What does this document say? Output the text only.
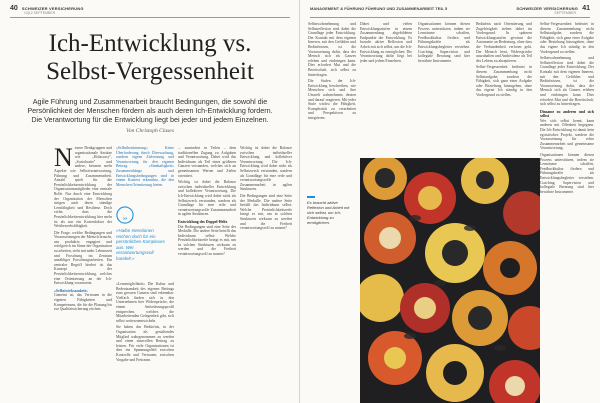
40 SCHWEIZER VERSICHERUNG
12|12 SEPTEMBER
Ich-Entwicklung vs.
Selbst-Vergessenheit
Agile Führung und Zusammenarbeit braucht Bedingungen, die sowohl die Persönlichkeit der Menschen fördern als auch deren Ich-Entwicklung fordern. Die Verantwortung für die Entwicklung liegt bei jeder und jedem Einzelnen.
Von Christoph Clases

Neuere Denkgruppen und organisationale Ansätze wie „Holacracy", „Soziokratie" und andere, betonen mehr Aspekte wie Selbstverantwortung, Führung und Zusammenarbeit. Anzahl spielt für die Persönlichkeitsentwicklung der Organisationsmitglieder eine zentrale Rolle. Nur durch eine Entwicklung der Organisation der Menschen steigen auch deren ständige Lernfähigkeit und Resilienz. Doch vieler, dass die Persönlichkeitsentwicklung hier mehr ist als nur ein Kostenfaktor der Wettbewerbsfähigkeit.

Die Frage, welche Bedingungen und Voraussetzungen der Mensch braucht, um produktiv, engagiert und erfolgreich im Sinne der Organisation zu arbeiten, steht mit mehr Lebenszeit und Forschung im Zentrum unzähliger Forschungsarbeiten. Ein zentraler Begriff hierbei ist das Konzept der Persönlichkeitsentwicklung, welches eine Orientierung an der Ich-Entwicklung voraussetzt.

«Selbstwirksamkeit»
Gemeint ist, das Vertrauen in die eigenen Fähigkeiten und Kompetenzen, die für die Planung bis zur Qualitätssicherung reichen.

„
«Halbe Intentionen reichen doch für ein persönliches Komplexes aus. Wer verantwortungsvoll handelt.»

«Selbstbestimmung» Keine Überforderung durch Überwachung, sondern eigene Zielsetzung und Verantwortung für den eigenen Beitrag. «Sinnhaftigkeit» Zusammenhänge und Entwicklungsbedingungen sind in einem Kontext erkennbar, die den Menschen Orientierung bieten.

«Lernmöglichkeit» Die Kultur und Bedeutsamkeit des eigenen Beitrags zum grossen Ganzen sind erkennbar. Vielfach finden sich in den Unternehmen hier Widersprüche, die einem Anforderungsprofil entsprechen, welches die Mitarbeitenden Gelegenheit gibt, sich selbst weiterzuentwickeln.

Sie haben das Bedürfnis, in der Organisation als gestaltendes Mitglied wahrgenommen zu werden und einen sinnvollen Beitrag zu leisten. Für viele Organisationen ist dies ein Spannungsfeld zwischen Kontrolle und Vertrauen, zwischen Vorgabe und Freiraum.

... zumindest in Teilen – dem traditionellen Zugang zu Aufgaben und Verantwortung. Dabei wird das Individuum als Teil eines größeren Ganzen verstanden, welches sich an gemeinsamen Werten und Zielen orientiert.

Wichtig ist dabei die Balance zwischen individueller Entwicklung und kollektiver Verantwortung. Die Ich-Entwicklung wird dabei nicht als Selbstzweck verstanden, sondern als Grundlage für eine reife und verantwortungsvolle Zusammenarbeit in agilen Strukturen.

Entwicklung des Doppel-Helix
Die Bedingungen sind eine Seite der Medaille. Die andere Seite betrifft das Individuum selbst: Welche Persönlichkeitsreife bringt es mit, um in solchen Strukturen wirksam zu werden und die Freiheit verantwortungsvoll zu nutzen?

Wichtig ist dabei die Balance zwischen individueller Entwicklung und kollektiver Verantwortung. Die Ich-Entwicklung wird dabei nicht als Selbstzweck verstanden, sondern als Grundlage für eine reife und verantwortungsvolle Zusammenarbeit in agilen Strukturen.

Die Bedingungen sind eine Seite der Medaille. Die andere Seite betrifft das Individuum selbst: Welche Persönlichkeitsreife bringt es mit, um in solchen Strukturen wirksam zu werden und die Freiheit verantwortungsvoll zu nutzen?

MANAGEMENT & FÜHRUNG FÜHRUNG UND ZUSAMMENARBEIT TEIL 5	SCHWEIZER VERSICHERUNG 41
SEPTEMBER

Selbstwahrnehmung und Selbstreflexion sind dabei die Grundlage jeder Entwicklung. Der Kontakt mit dem eigenen Inneren, mit den Gefühlen und Bedürfnissen, ist die Voraussetzung dafür, dass der Mensch sich als Ganzes erleben und einbringen kann. Dies erfordert Mut und die Bereitschaft, sich selbst zu hinterfragen.

Die Stufen der Ich-Entwicklung beschreiben, wie Menschen sich und ihre Umwelt wahrnehmen, deuten und darauf reagieren. Mit jeder Stufe wächst die Fähigkeit, Komplexität zu verarbeiten und Perspektiven zu integrieren.

Es braucht aktive Reflexion und Arbeit mit sich selbst, um Ich-Entwicklung zu ermöglichen.

Dabei und vielen Entwicklungsstufen in einem Zusammenhang abgebildeten Endpunkte der Entwicklung. Es braucht aktive Reflexion und Arbeit mit sich selbst, um die Ich-Entwicklung zu ermöglichen. Die Verantwortung dafür liegt bei jeder und jedem Einzelnen.

Organisationen können diesen Prozess unterstützen, indem sie Lernräume schaffen, Feedbackkultur fördern und Führungskräfte als Entwicklungsbegleiter verstehen. Coaching, Supervision und kollegiale Beratung sind hier bewährte Instrumente.

Bedürfnis nach Orientierung und Zugehörigkeit stehen dabei im Vordergrund. In späteren Entwicklungsstufen gewinnt die Autonomie an Bedeutung, ohne dass die Verbundenheit verloren geht. Der Mensch lernt, Widersprüche auszuhalten und Ambivalenz als Teil des Lebens zu akzeptieren.

Selbst-Vergessenheit bedeutet in diesem Zusammenhang nicht Selbstaufgabe, sondern die Fähigkeit, sich ganz einer Aufgabe oder Beziehung hinzugeben, ohne das eigene Ich ständig in den Vordergrund zu stellen.

Selbst-Vergessenheit bedeutet in diesem Zusammenhang nicht Selbstaufgabe, sondern die Fähigkeit, sich ganz einer Aufgabe oder Beziehung hinzugeben, ohne das eigene Ich ständig in den Vordergrund zu stellen.

Selbstwahrnehmung und Selbstreflexion sind dabei die Grundlage jeder Entwicklung. Der Kontakt mit dem eigenen Inneren, mit den Gefühlen und Bedürfnissen, ist die Voraussetzung dafür, dass der Mensch sich als Ganzes erleben und einbringen kann. Dies erfordert Mut und die Bereitschaft, sich selbst zu hinterfragen.

Dinsame zu anderen und sich selbst
Wer sich selbst kennt, kann anderen mit Offenheit begegnen. Die Ich-Entwicklung ist damit kein egoistisches Projekt, sondern die Voraussetzung für echte Zusammenarbeit und gemeinsame Verantwortung.

Organisationen können diesen Prozess unterstützen, indem sie Lernräume schaffen, Feedbackkultur fördern und Führungskräfte als Entwicklungsbegleiter verstehen. Coaching, Supervision und kollegiale Beratung sind hier bewährte Instrumente.
